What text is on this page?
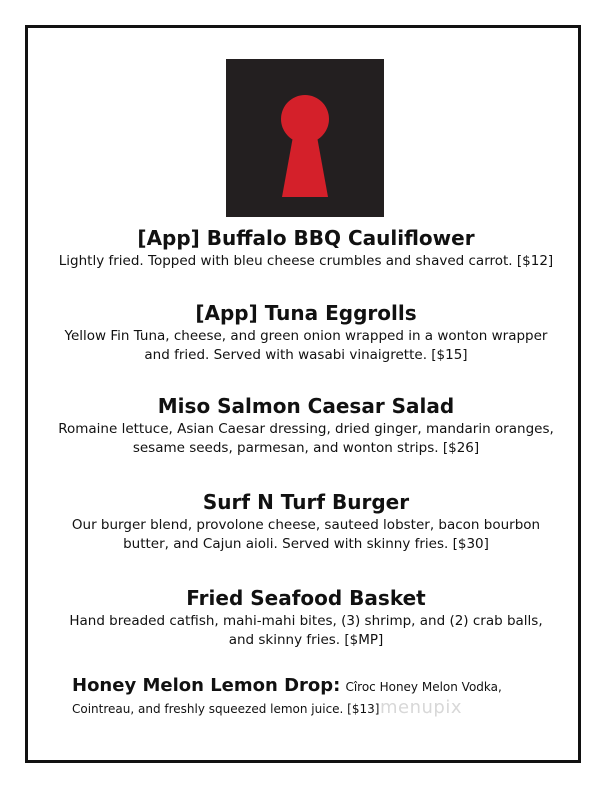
[App] Buffalo BBQ Cauliflower

Lightly fried. Topped with bleu cheese crumbles and shaved carrot. [$12]

[App] Tuna Eggrolls

Yellow Fin Tuna, cheese, and green onion wrapped in a wonton wrapper and fried. Served with wasabi vinaigrette. [$15]

Miso Salmon Caesar Salad

Romaine lettuce, Asian Caesar dressing, dried ginger, mandarin oranges, sesame seeds, parmesan, and wonton strips. [$26]

Surf N Turf Burger

Our burger blend, provolone cheese, sauteed lobster, bacon bourbon butter, and Cajun aioli. Served with skinny fries. [$30]

Fried Seafood Basket

Hand breaded catfish, mahi-mahi bites, (3) shrimp, and (2) crab balls, and skinny fries. [$MP]

Honey Melon Lemon Drop: Cîroc Honey Melon Vodka, Cointreau, and freshly squeezed lemon juice. [$13] menupix
